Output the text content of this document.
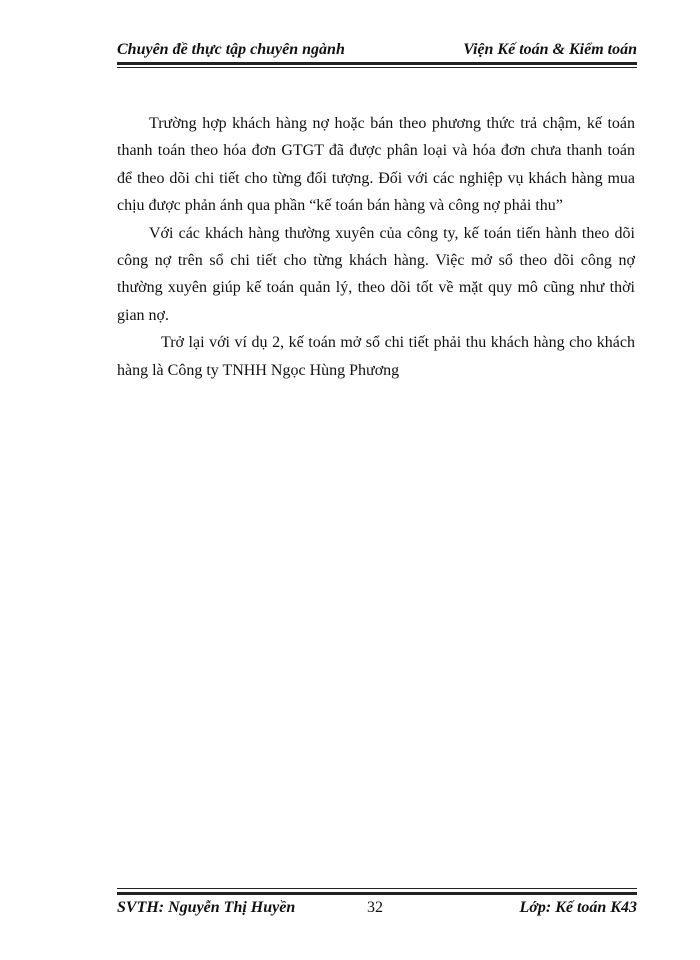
Chuyên đề thực tập chuyên ngành	Viện Kế toán & Kiểm toán

Trường hợp khách hàng nợ hoặc bán theo phương thức trả chậm, kế toán thanh toán theo hóa đơn GTGT đã được phân loại và hóa đơn chưa thanh toán để theo dõi chi tiết cho từng đối tượng. Đối với các nghiệp vụ khách hàng mua chịu được phản ánh qua phần “kế toán bán hàng và công nợ phải thu”

Với các khách hàng thường xuyên của công ty, kế toán tiến hành theo dõi công nợ trên sổ chi tiết cho từng khách hàng. Việc mở sổ theo dõi công nợ thường xuyên giúp kế toán quản lý, theo dõi tốt về mặt quy mô cũng như thời gian nợ.

Trở lại với ví dụ 2, kế toán mở sổ chi tiết phải thu khách hàng cho khách hàng là Công ty TNHH Ngọc Hùng Phương

SVTH: Nguyễn Thị Huyền	32	Lớp: Kế toán K43
